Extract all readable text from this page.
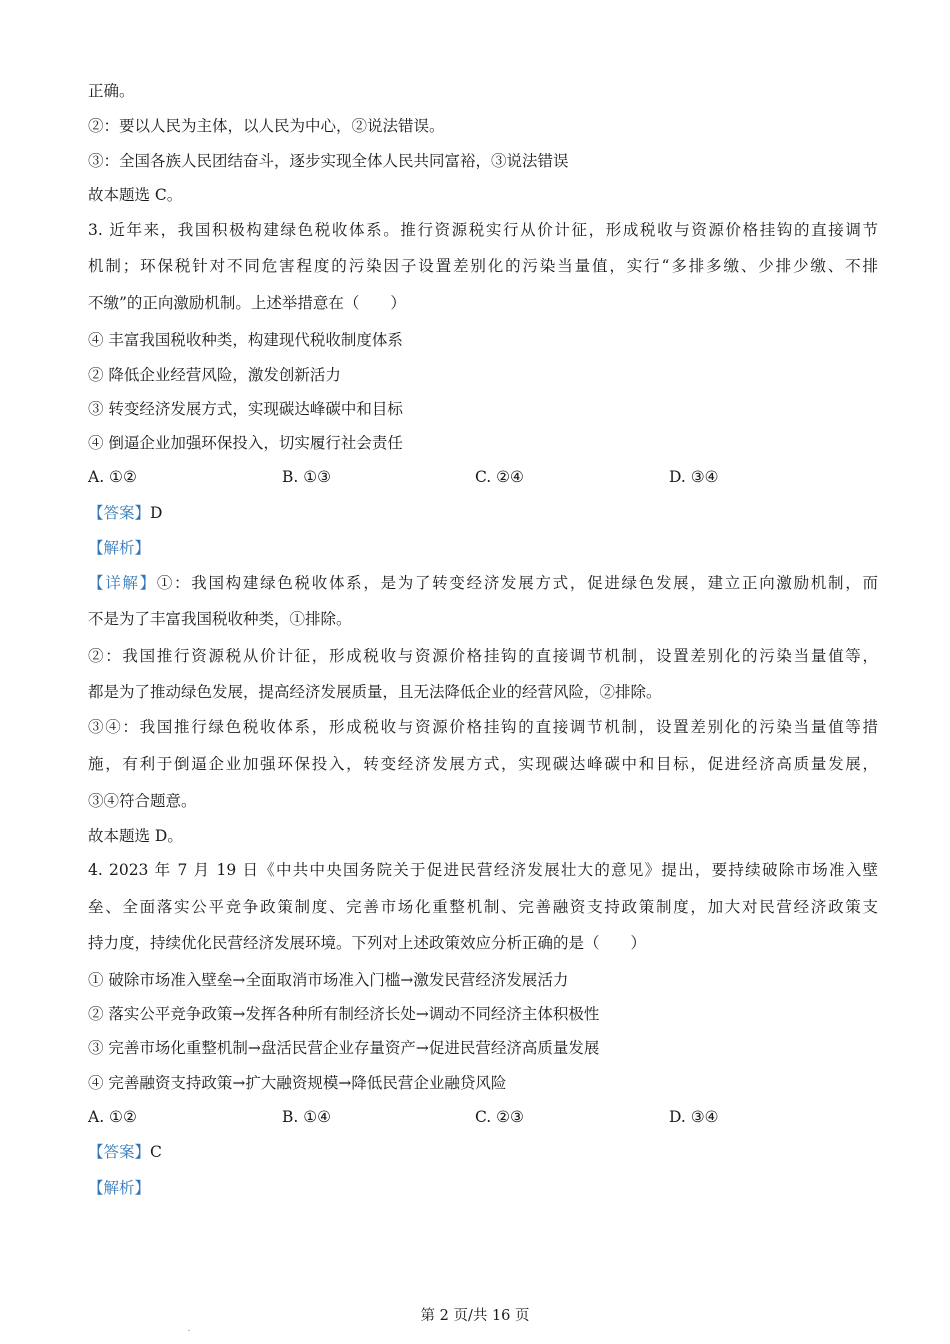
正确。
②：要以人民为主体，以人民为中心，②说法错误。
③：全国各族人民团结奋斗，逐步实现全体人民共同富裕，③说法错误
故本题选 C。
3. 近年来，我国积极构建绿色税收体系。推行资源税实行从价计征，形成税收与资源价格挂钩的直接调节
机制；环保税针对不同危害程度的污染因子设置差别化的污染当量值，实行“多排多缴、少排少缴、不排
不缴”的正向激励机制。上述举措意在（　　）
④ 丰富我国税收种类，构建现代税收制度体系
② 降低企业经营风险，激发创新活力
③ 转变经济发展方式，实现碳达峰碳中和目标
④ 倒逼企业加强环保投入，切实履行社会责任
A. ①②	B. ①③	C. ②④	D. ③④
【答案】D
【解析】
【详解】①：我国构建绿色税收体系，是为了转变经济发展方式，促进绿色发展，建立正向激励机制，而
不是为了丰富我国税收种类，①排除。
②：我国推行资源税从价计征，形成税收与资源价格挂钩的直接调节机制，设置差别化的污染当量值等，
都是为了推动绿色发展，提高经济发展质量，且无法降低企业的经营风险，②排除。
③④：我国推行绿色税收体系，形成税收与资源价格挂钩的直接调节机制，设置差别化的污染当量值等措
施，有利于倒逼企业加强环保投入，转变经济发展方式，实现碳达峰碳中和目标，促进经济高质量发展，
③④符合题意。
故本题选 D。
4. 2023 年 7 月 19 日《中共中央国务院关于促进民营经济发展壮大的意见》提出，要持续破除市场准入壁
垒、全面落实公平竞争政策制度、完善市场化重整机制、完善融资支持政策制度，加大对民营经济政策支
持力度，持续优化民营经济发展环境。下列对上述政策效应分析正确的是（　　）
① 破除市场准入壁垒→全面取消市场准入门槛→激发民营经济发展活力
② 落实公平竞争政策→发挥各种所有制经济长处→调动不同经济主体积极性
③ 完善市场化重整机制→盘活民营企业存量资产→促进民营经济高质量发展
④ 完善融资支持政策→扩大融资规模→降低民营企业融贷风险
A. ①②	B. ①④	C. ②③	D. ③④
【答案】C
【解析】
第 2 页/共 16 页
